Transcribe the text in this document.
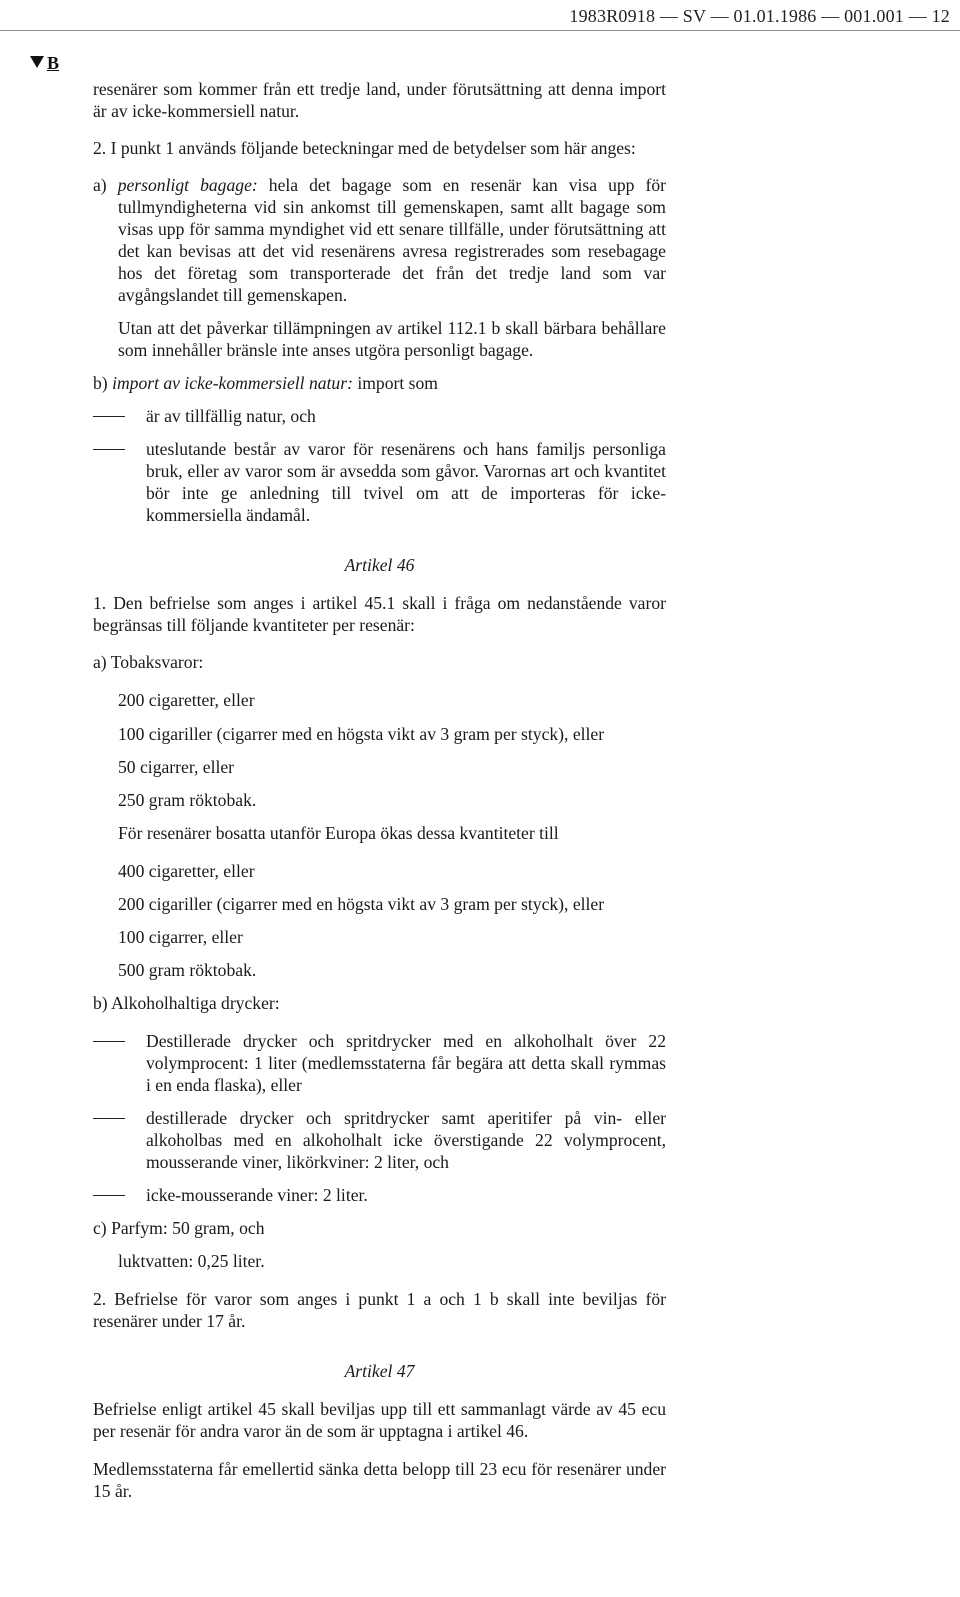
1983R0918 — SV — 01.01.1986 — 001.001 — 12
B

resenärer som kommer från ett tredje land, under förutsättning att denna import är av icke-kommersiell natur.

2. I punkt 1 används följande beteckningar med de betydelser som här anges:

a) personligt bagage: hela det bagage som en resenär kan visa upp för tullmyndigheterna vid sin ankomst till gemenskapen, samt allt bagage som visas upp för samma myndighet vid ett senare tillfälle, under förutsättning att det kan bevisas att det vid resenärens avresa registrerades som resebagage hos det företag som transporterade det från det tredje land som var avgångslandet till gemenskapen.

Utan att det påverkar tillämpningen av artikel 112.1 b skall bärbara behållare som innehåller bränsle inte anses utgöra personligt bagage.

b) import av icke-kommersiell natur: import som

är av tillfällig natur, och

uteslutande består av varor för resenärens och hans familjs personliga bruk, eller av varor som är avsedda som gåvor. Varornas art och kvantitet bör inte ge anledning till tvivel om att de importeras för icke-kommersiella ändamål.

Artikel 46

1. Den befrielse som anges i artikel 45.1 skall i fråga om nedanstående varor begränsas till följande kvantiteter per resenär:

a) Tobaksvaror:

200 cigaretter, eller

100 cigariller (cigarrer med en högsta vikt av 3 gram per styck), eller

50 cigarrer, eller

250 gram röktobak.

För resenärer bosatta utanför Europa ökas dessa kvantiteter till

400 cigaretter, eller

200 cigariller (cigarrer med en högsta vikt av 3 gram per styck), eller

100 cigarrer, eller

500 gram röktobak.

b) Alkoholhaltiga drycker:

Destillerade drycker och spritdrycker med en alkoholhalt över 22 volymprocent: 1 liter (medlemsstaterna får begära att detta skall rymmas i en enda flaska), eller

destillerade drycker och spritdrycker samt aperitifer på vin- eller alkoholbas med en alkoholhalt icke överstigande 22 volymprocent, mousserande viner, likörkviner: 2 liter, och

icke-mousserande viner: 2 liter.

c) Parfym: 50 gram, och

luktvatten: 0,25 liter.

2. Befrielse för varor som anges i punkt 1 a och 1 b skall inte beviljas för resenärer under 17 år.

Artikel 47

Befrielse enligt artikel 45 skall beviljas upp till ett sammanlagt värde av 45 ecu per resenär för andra varor än de som är upptagna i artikel 46.

Medlemsstaterna får emellertid sänka detta belopp till 23 ecu för resenärer under 15 år.
